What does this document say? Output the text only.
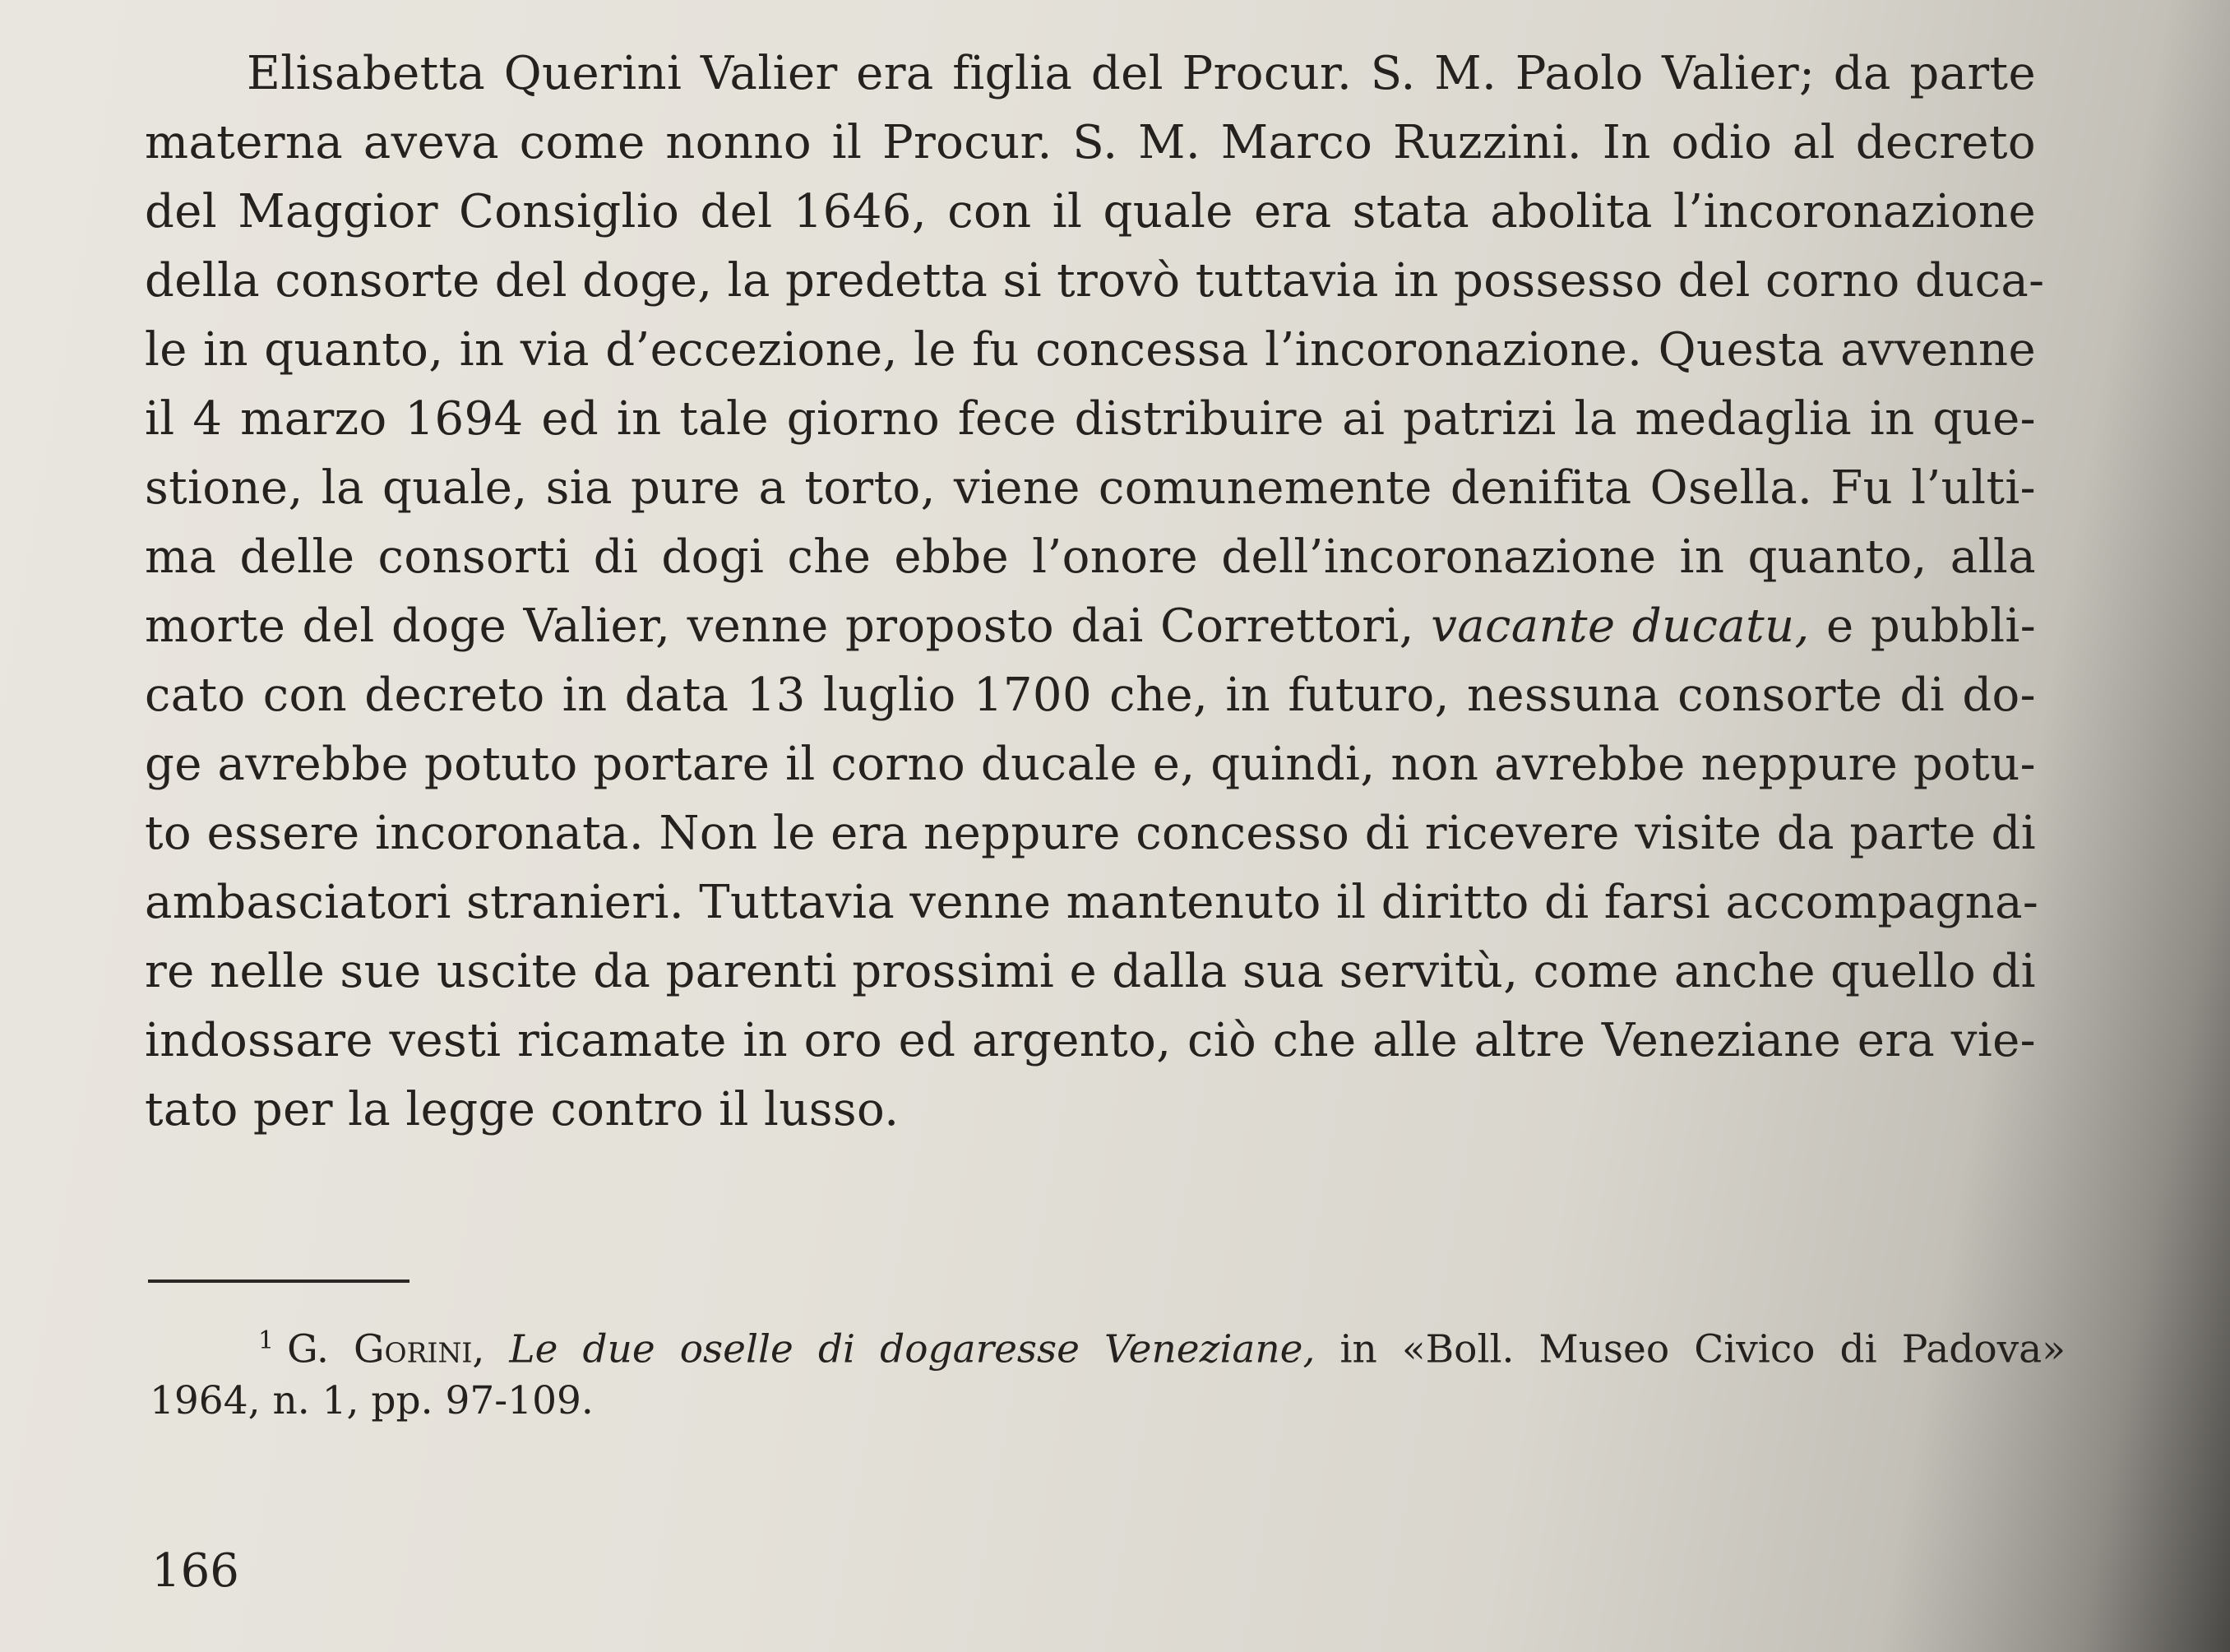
Elisabetta Querini Valier era figlia del Procur. S. M. Paolo Valier; da parte
materna aveva come nonno il Procur. S. M. Marco Ruzzini. In odio al decreto
del Maggior Consiglio del 1646, con il quale era stata abolita l’incoronazione
della consorte del doge, la predetta si trovò tuttavia in possesso del corno duca-
le in quanto, in via d’eccezione, le fu concessa l’incoronazione. Questa avvenne
il 4 marzo 1694 ed in tale giorno fece distribuire ai patrizi la medaglia in que-
stione, la quale, sia pure a torto, viene comunemente denifita Osella. Fu l’ulti-
ma delle consorti di dogi che ebbe l’onore dell’incoronazione in quanto, alla
morte del doge Valier, venne proposto dai Correttori, vacante ducatu, e pubbli-
cato con decreto in data 13 luglio 1700 che, in futuro, nessuna consorte di do-
ge avrebbe potuto portare il corno ducale e, quindi, non avrebbe neppure potu-
to essere incoronata. Non le era neppure concesso di ricevere visite da parte di
ambasciatori stranieri. Tuttavia venne mantenuto il diritto di farsi accompagna-
re nelle sue uscite da parenti prossimi e dalla sua servitù, come anche quello di
indossare vesti ricamate in oro ed argento, ciò che alle altre Veneziane era vie-
tato per la legge contro il lusso.
$^1$ G. Gorini, Le due oselle di dogaresse Veneziane, in «Boll. Museo Civico di Padova»
1964, n. 1, pp. 97-109.
166
